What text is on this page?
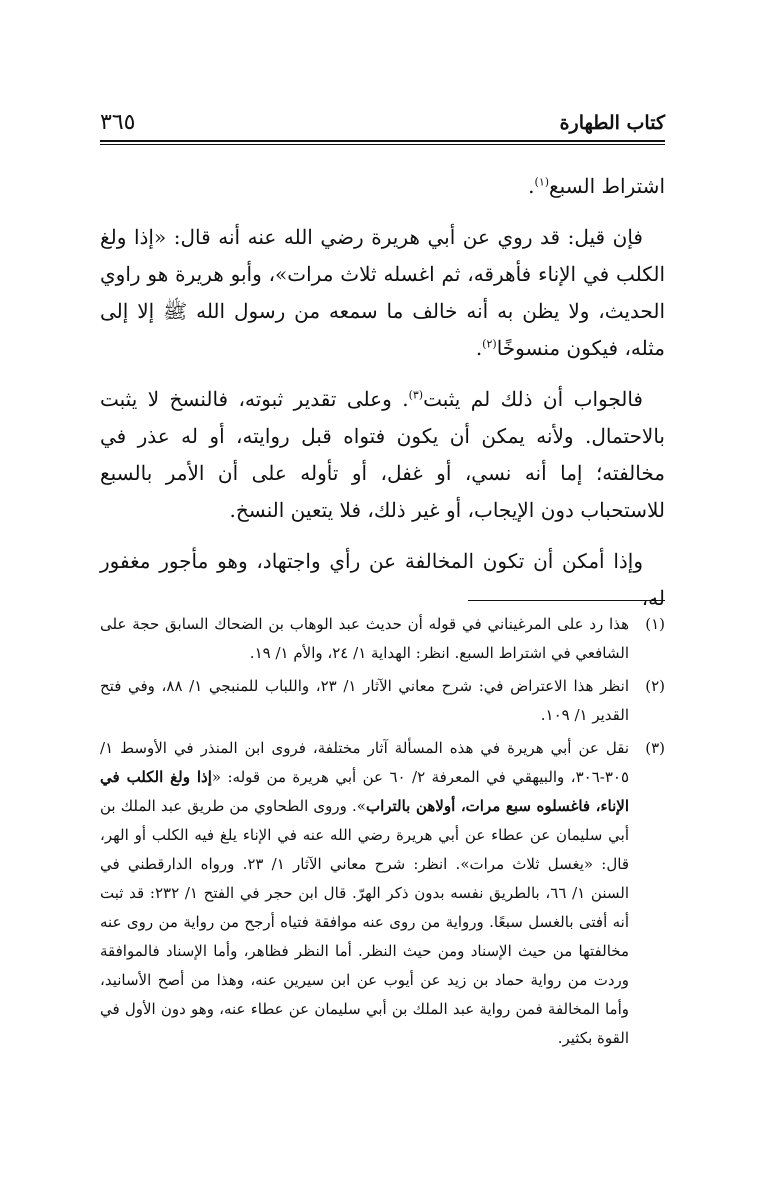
كتاب الطهارة
٣٦٥

اشتراط السبع$^{(١)}$.

فإن قيل: قد روي عن أبي هريرة رضي الله عنه أنه قال: «إذا ولغ الكلب في الإناء فأهرقه، ثم اغسله ثلاث مرات»، وأبو هريرة هو راوي الحديث، ولا يظن به أنه خالف ما سمعه من رسول الله ﷺ إلا إلى مثله، فيكون منسوخًا$^{(٢)}$.

فالجواب أن ذلك لم يثبت$^{(٣)}$. وعلى تقدير ثبوته، فالنسخ لا يثبت بالاحتمال. ولأنه يمكن أن يكون فتواه قبل روايته، أو له عذر في مخالفته؛ إما أنه نسي، أو غفل، أو تأوله على أن الأمر بالسبع للاستحباب دون الإيجاب، أو غير ذلك، فلا يتعين النسخ.

وإذا أمكن أن تكون المخالفة عن رأي واجتهاد، وهو مأجور مغفور له،

(١)
هذا رد على المرغيناني في قوله أن حديث عبد الوهاب بن الضحاك السابق حجة على الشافعي في اشتراط السبع. انظر: الهداية ١/ ٢٤، والأم ١/ ١٩.
(٢)
انظر هذا الاعتراض في: شرح معاني الآثار ١/ ٢٣، واللباب للمنبجي ١/ ٨٨، وفي فتح القدير ١/ ١٠٩.
(٣)
نقل عن أبي هريرة في هذه المسألة آثار مختلفة، فروى ابن المنذر في الأوسط ١/ ٣٠٥-٣٠٦، والبيهقي في المعرفة ٢/ ٦٠ عن أبي هريرة من قوله: «إذا ولغ الكلب في الإناء، فاغسلوه سبع مرات، أولاهن بالتراب». وروى الطحاوي من طريق عبد الملك بن أبي سليمان عن عطاء عن أبي هريرة رضي الله عنه في الإناء يلغ فيه الكلب أو الهر، قال: «يغسل ثلاث مرات». انظر: شرح معاني الآثار ١/ ٢٣. ورواه الدارقطني في السنن ١/ ٦٦، بالطريق نفسه بدون ذكر الهرّ. قال ابن حجر في الفتح ١/ ٢٣٢: قد ثبت أنه أفتى بالغسل سبعًا. ورواية من روى عنه موافقة فتياه أرجح من رواية من روى عنه مخالفتها من حيث الإسناد ومن حيث النظر. أما النظر فظاهر، وأما الإسناد فالموافقة وردت من رواية حماد بن زيد عن أيوب عن ابن سيرين عنه، وهذا من أصح الأسانيد، وأما المخالفة فمن رواية عبد الملك بن أبي سليمان عن عطاء عنه، وهو دون الأول في القوة بكثير.
